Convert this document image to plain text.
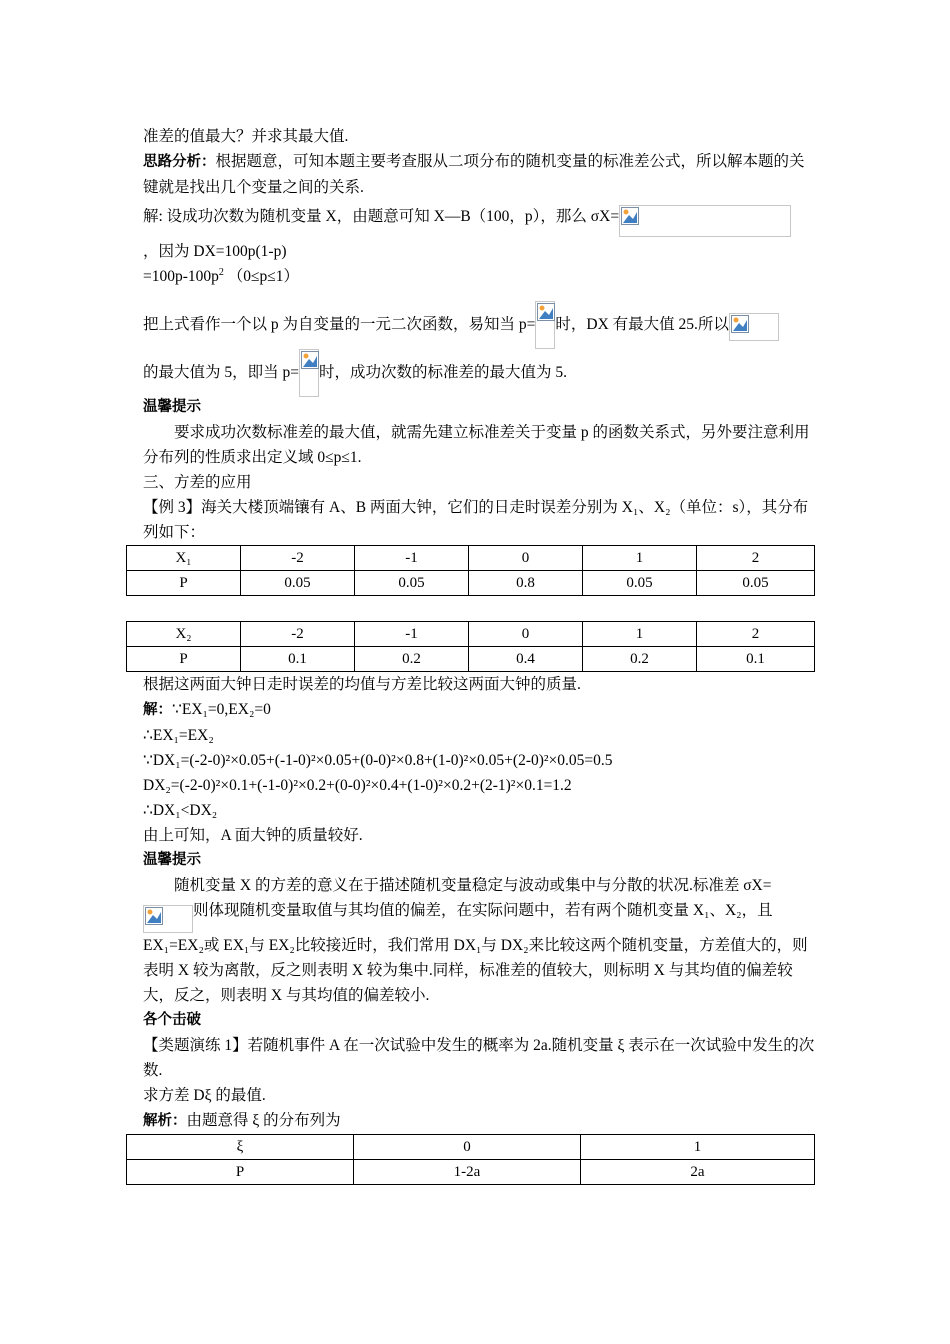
准差的值最大？并求其最大值.

思路分析：根据题意，可知本题主要考查服从二项分布的随机变量的标准差公式，所以解本题的关键就是找出几个变量之间的关系.

解: 设成功次数为随机变量 X，由题意可知 X—B（100，p），那么 σX=

，因为 DX=100p(1-p)

$=100p-100p^2$ （0≤p≤1）

把上式看作一个以 p 为自变量的一元二次函数，易知当 p= 时，DX 有最大值 25.所以

的最大值为 5，即当 p= 时，成功次数的标准差的最大值为 5.

温馨提示

要求成功次数标准差的最大值，就需先建立标准差关于变量 p 的函数关系式，另外要注意利用分布列的性质求出定义域 0≤p≤1.

三、方差的应用

【例 3】海关大楼顶端镶有 A、B 两面大钟，它们的日走时误差分别为 X₁、X₂（单位：s），其分布列如下：

X₁	-2	-1	0	1	2
P	0.05	0.05	0.8	0.05	0.05
X₂	-2	-1	0	1	2
P	0.1	0.2	0.4	0.2	0.1

根据这两面大钟日走时误差的均值与方差比较这两面大钟的质量.

解：∵EX₁=0,EX₂=0

∴EX₁=EX₂

∵DX₁=(-2-0)²×0.05+(-1-0)²×0.05+(0-0)²×0.8+(1-0)²×0.05+(2-0)²×0.05=0.5

DX₂=(-2-0)²×0.1+(-1-0)²×0.2+(0-0)²×0.4+(1-0)²×0.2+(2-1)²×0.1=1.2

∴DX₁<DX₂

由上可知，A 面大钟的质量较好.

温馨提示

随机变量 X 的方差的意义在于描述随机变量稳定与波动或集中与分散的状况.标准差 σX=

则体现随机变量取值与其均值的偏差，在实际问题中，若有两个随机变量 X₁、X₂，且

EX₁=EX₂或 EX₁与 EX₂比较接近时，我们常用 DX₁与 DX₂来比较这两个随机变量，方差值大的，则表明 X 较为离散，反之则表明 X 较为集中.同样，标准差的值较大，则标明 X 与其均值的偏差较大，反之，则表明 X 与其均值的偏差较小.

各个击破

【类题演练 1】若随机事件 A 在一次试验中发生的概率为 2a.随机变量 ξ 表示在一次试验中发生的次数.

求方差 Dξ 的最值.

解析：由题意得 ξ 的分布列为

ξ	0	1
P	1-2a	2a
